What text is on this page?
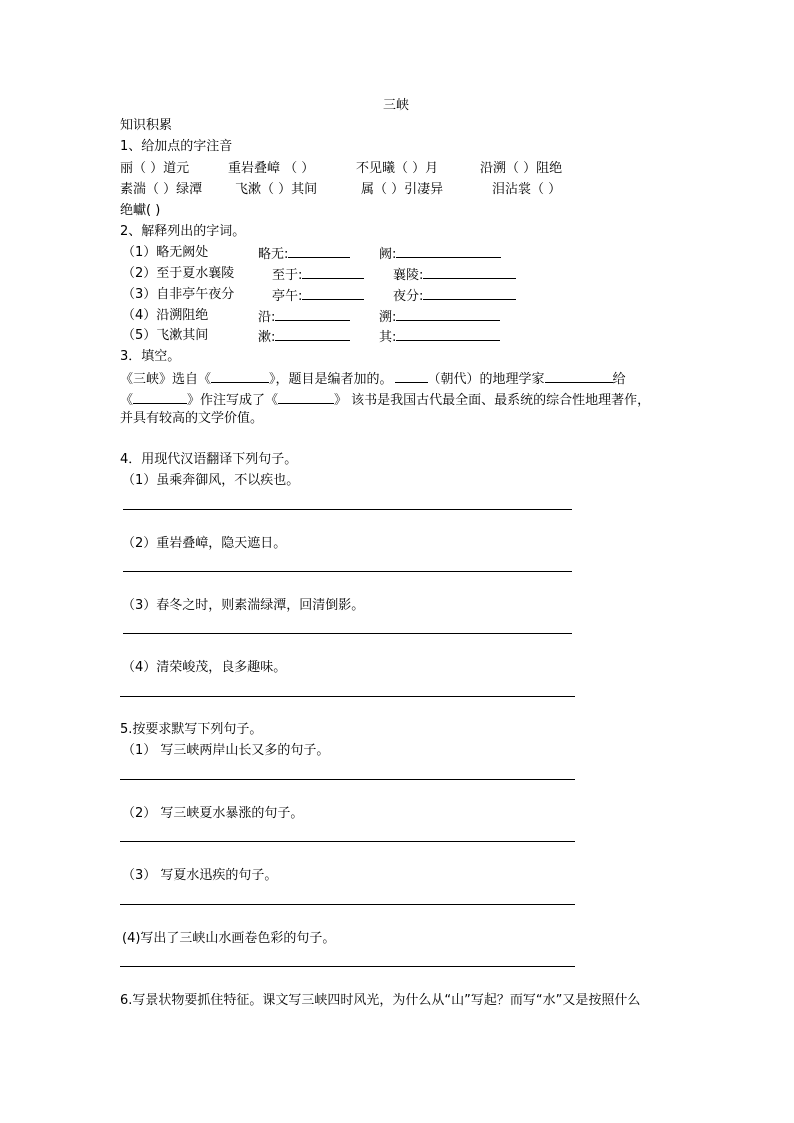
三峡
知识积累
1、给加点的字注音
丽（ ）道元	重岩叠嶂 （ ）	不见曦（ ）月	沿溯（ ）阻绝
素湍（ ）绿潭	飞漱（ ）其间	属（ ）引凄异	泪沾裳（ ）
绝巘( )
2、解释列出的字词。
（1）略无阙处	略无:	阙:
（2）至于夏水襄陵	至于:	襄陵:
（3）自非亭午夜分	亭午:	夜分:
（4）沿溯阻绝	沿:	溯:
（5）飞漱其间	漱:	其:
3．填空。
《三峡》选自《	》，题目是编者加的。	（朝代）的地理学家	给
《	》作注写成了《	》 该书是我国古代最全面、最系统的综合性地理著作，
并具有较高的文学价值。
4．用现代汉语翻译下列句子。
（1）虽乘奔御风，不以疾也。
（2）重岩叠嶂，隐天遮日。
（3）春冬之时，则素湍绿潭，回清倒影。
（4）清荣峻茂，良多趣味。
5.按要求默写下列句子。
（1） 写三峡两岸山长又多的句子。
（2） 写三峡夏水暴涨的句子。
（3） 写夏水迅疾的句子。
(4)写出了三峡山水画卷色彩的句子。
6.写景状物要抓住特征。课文写三峡四时风光，为什么从“山”写起？而写“水”又是按照什么
